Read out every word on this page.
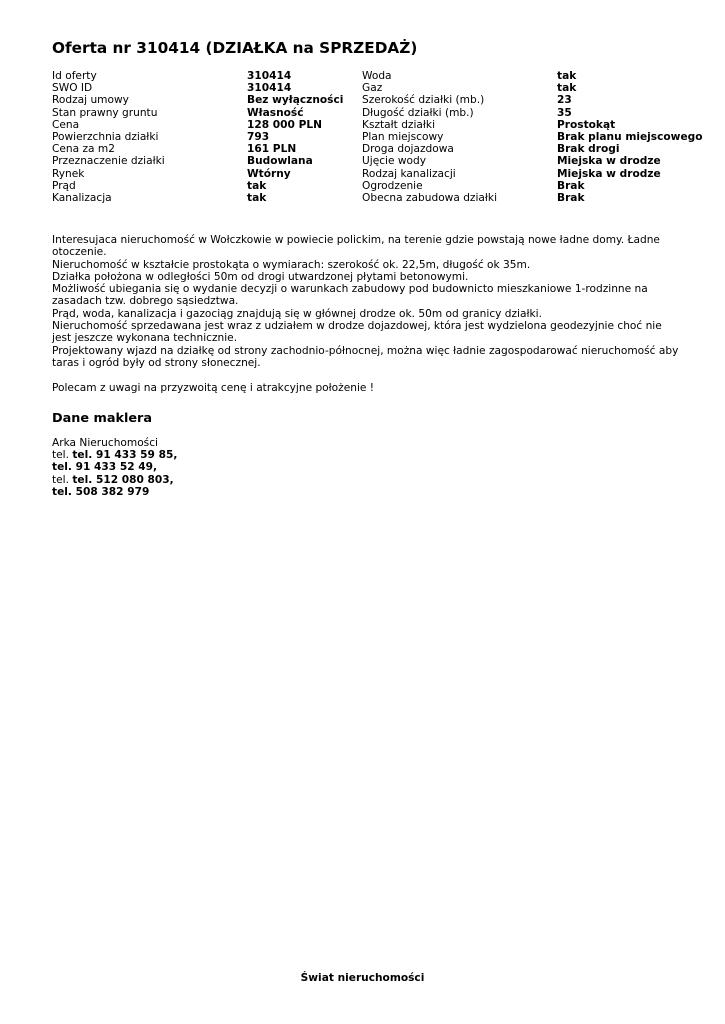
Oferta nr 310414 (DZIAŁKA na SPRZEDAŻ)
Id oferty
SWO ID
Rodzaj umowy
Stan prawny gruntu
Cena
Powierzchnia działki
Cena za m2
Przeznaczenie działki
Rynek
Prąd
Kanalizacja
310414
310414
Bez wyłączności
Własność
128 000 PLN
793
161 PLN
Budowlana
Wtórny
tak
tak
Woda
Gaz
Szerokość działki (mb.)
Długość działki (mb.)
Kształt działki
Plan miejscowy
Droga dojazdowa
Ujęcie wody
Rodzaj kanalizacji
Ogrodzenie
Obecna zabudowa działki
tak
tak
23
35
Prostokąt
Brak planu miejscowego
Brak drogi
Miejska w drodze
Miejska w drodze
Brak
Brak

Interesujaca nieruchomość w Wołczkowie w powiecie polickim, na terenie gdzie powstają nowe ładne domy. Ładne otoczenie.

Nieruchomość w kształcie prostokąta o wymiarach: szerokość ok. 22,5m, długość ok 35m.

Działka położona w odległości 50m od drogi utwardzonej płytami betonowymi.

Możliwość ubiegania się o wydanie decyzji o warunkach zabudowy pod budownicto mieszkaniowe 1-rodzinne na zasadach tzw. dobrego sąsiedztwa.

Prąd, woda, kanalizacja i gazociąg znajdują się w głównej drodze ok. 50m od granicy działki.

Nieruchomość sprzedawana jest wraz z udziałem w drodze dojazdowej, która jest wydzielona geodezyjnie choć nie jest jeszcze wykonana technicznie.

Projektowany wjazd na działkę od strony zachodnio-północnej, można więc ładnie zagospodarować nieruchomość aby taras i ogród były od strony słonecznej.

Polecam z uwagi na przyzwoitą cenę i atrakcyjne położenie !

Dane maklera
Arka Nieruchomości
tel. tel. 91 433 59 85,
tel. 91 433 52 49,
tel. tel. 512 080 803,
tel. 508 382 979
Świat nieruchomości
